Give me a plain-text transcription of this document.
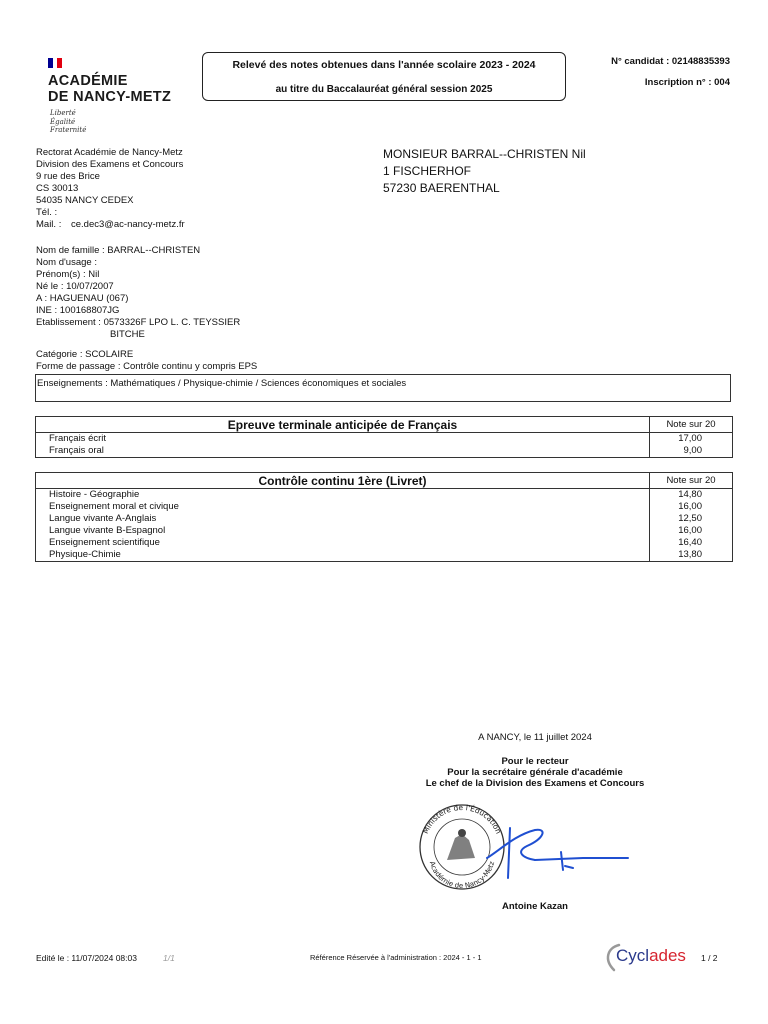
ACADÉMIE
DE NANCY-METZ
Liberté
Égalité
Fraternité
Relevé des notes obtenues dans l'année scolaire 2023 - 2024
au titre du Baccalauréat général session 2025
N° candidat : 02148835393
Inscription n° : 004
Rectorat Académie de Nancy-Metz
Division des Examens et Concours
9 rue des Brice
CS 30013
54035 NANCY CEDEX
Tél. :
Mail. : ce.dec3@ac-nancy-metz.fr
MONSIEUR BARRAL--CHRISTEN Nil
1 FISCHERHOF
57230 BAERENTHAL
Nom de famille : BARRAL--CHRISTEN
Nom d'usage :
Prénom(s) : Nil
Né le : 10/07/2007
A : HAGUENAU (067)
INE : 100168807JG
Etablissement : 0573326F LPO L. C. TEYSSIER
BITCHE
Catégorie : SCOLAIRE
Forme de passage : Contrôle continu y compris EPS
Enseignements : Mathématiques / Physique-chimie / Sciences économiques et sociales
Epreuve terminale anticipée de Français	Note sur 20
Français écrit	17,00
Français oral	9,00
Contrôle continu 1ère (Livret)	Note sur 20
Histoire - Géographie	14,80
Enseignement moral et civique	16,00
Langue vivante A-Anglais	12,50
Langue vivante B-Espagnol	16,00
Enseignement scientifique	16,40
Physique-Chimie	13,80
A NANCY, le 11 juillet 2024
Pour le recteur
Pour la secrétaire générale d'académie
Le chef de la Division des Examens et Concours
Ministère de l'Éducation
Académie de Nancy-Metz
Antoine Kazan
Edité le : 11/07/2024 08:03	1/1	Référence Réservée à l'administration : 2024 - 1 - 1	Cyclades 1 / 2
